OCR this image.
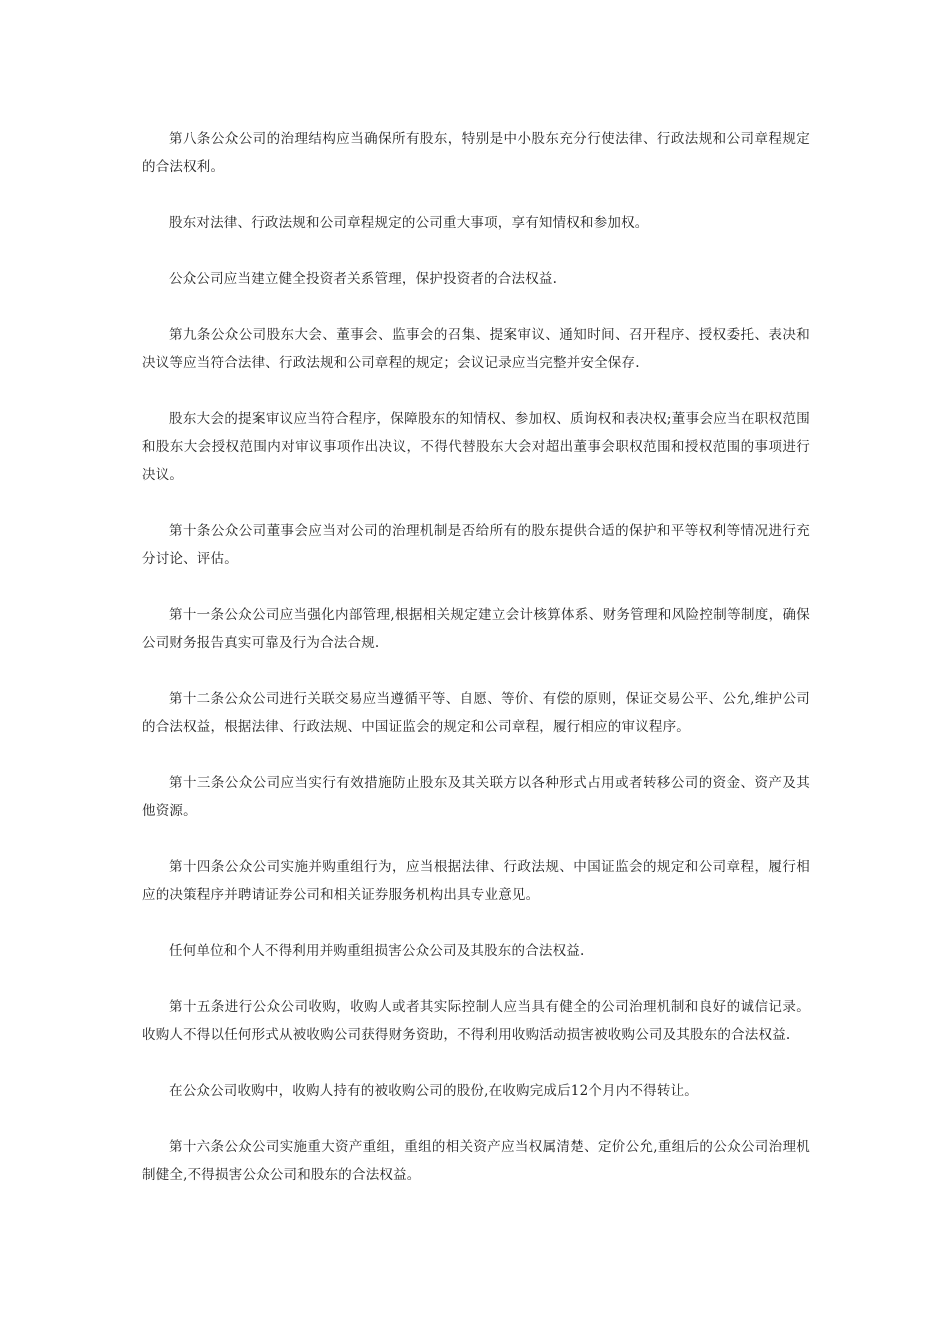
第八条公众公司的治理结构应当确保所有股东，特别是中小股东充分行使法律、行政法规和公司章程规定的合法权利。

股东对法律、行政法规和公司章程规定的公司重大事项，享有知情权和参加权。

公众公司应当建立健全投资者关系管理，保护投资者的合法权益.

第九条公众公司股东大会、董事会、监事会的召集、提案审议、通知时间、召开程序、授权委托、表决和决议等应当符合法律、行政法规和公司章程的规定；会议记录应当完整并安全保存.

股东大会的提案审议应当符合程序，保障股东的知情权、参加权、质询权和表决权;董事会应当在职权范围和股东大会授权范围内对审议事项作出决议，不得代替股东大会对超出董事会职权范围和授权范围的事项进行决议。

第十条公众公司董事会应当对公司的治理机制是否给所有的股东提供合适的保护和平等权利等情况进行充分讨论、评估。

第十一条公众公司应当强化内部管理,根据相关规定建立会计核算体系、财务管理和风险控制等制度，确保公司财务报告真实可靠及行为合法合规.

第十二条公众公司进行关联交易应当遵循平等、自愿、等价、有偿的原则，保证交易公平、公允,维护公司的合法权益，根据法律、行政法规、中国证监会的规定和公司章程，履行相应的审议程序。

第十三条公众公司应当实行有效措施防止股东及其关联方以各种形式占用或者转移公司的资金、资产及其他资源。

第十四条公众公司实施并购重组行为，应当根据法律、行政法规、中国证监会的规定和公司章程，履行相应的决策程序并聘请证券公司和相关证券服务机构出具专业意见。

任何单位和个人不得利用并购重组损害公众公司及其股东的合法权益.

第十五条进行公众公司收购，收购人或者其实际控制人应当具有健全的公司治理机制和良好的诚信记录。收购人不得以任何形式从被收购公司获得财务资助，不得利用收购活动损害被收购公司及其股东的合法权益.

在公众公司收购中，收购人持有的被收购公司的股份,在收购完成后12个月内不得转让。

第十六条公众公司实施重大资产重组，重组的相关资产应当权属清楚、定价公允,重组后的公众公司治理机制健全,不得损害公众公司和股东的合法权益。
